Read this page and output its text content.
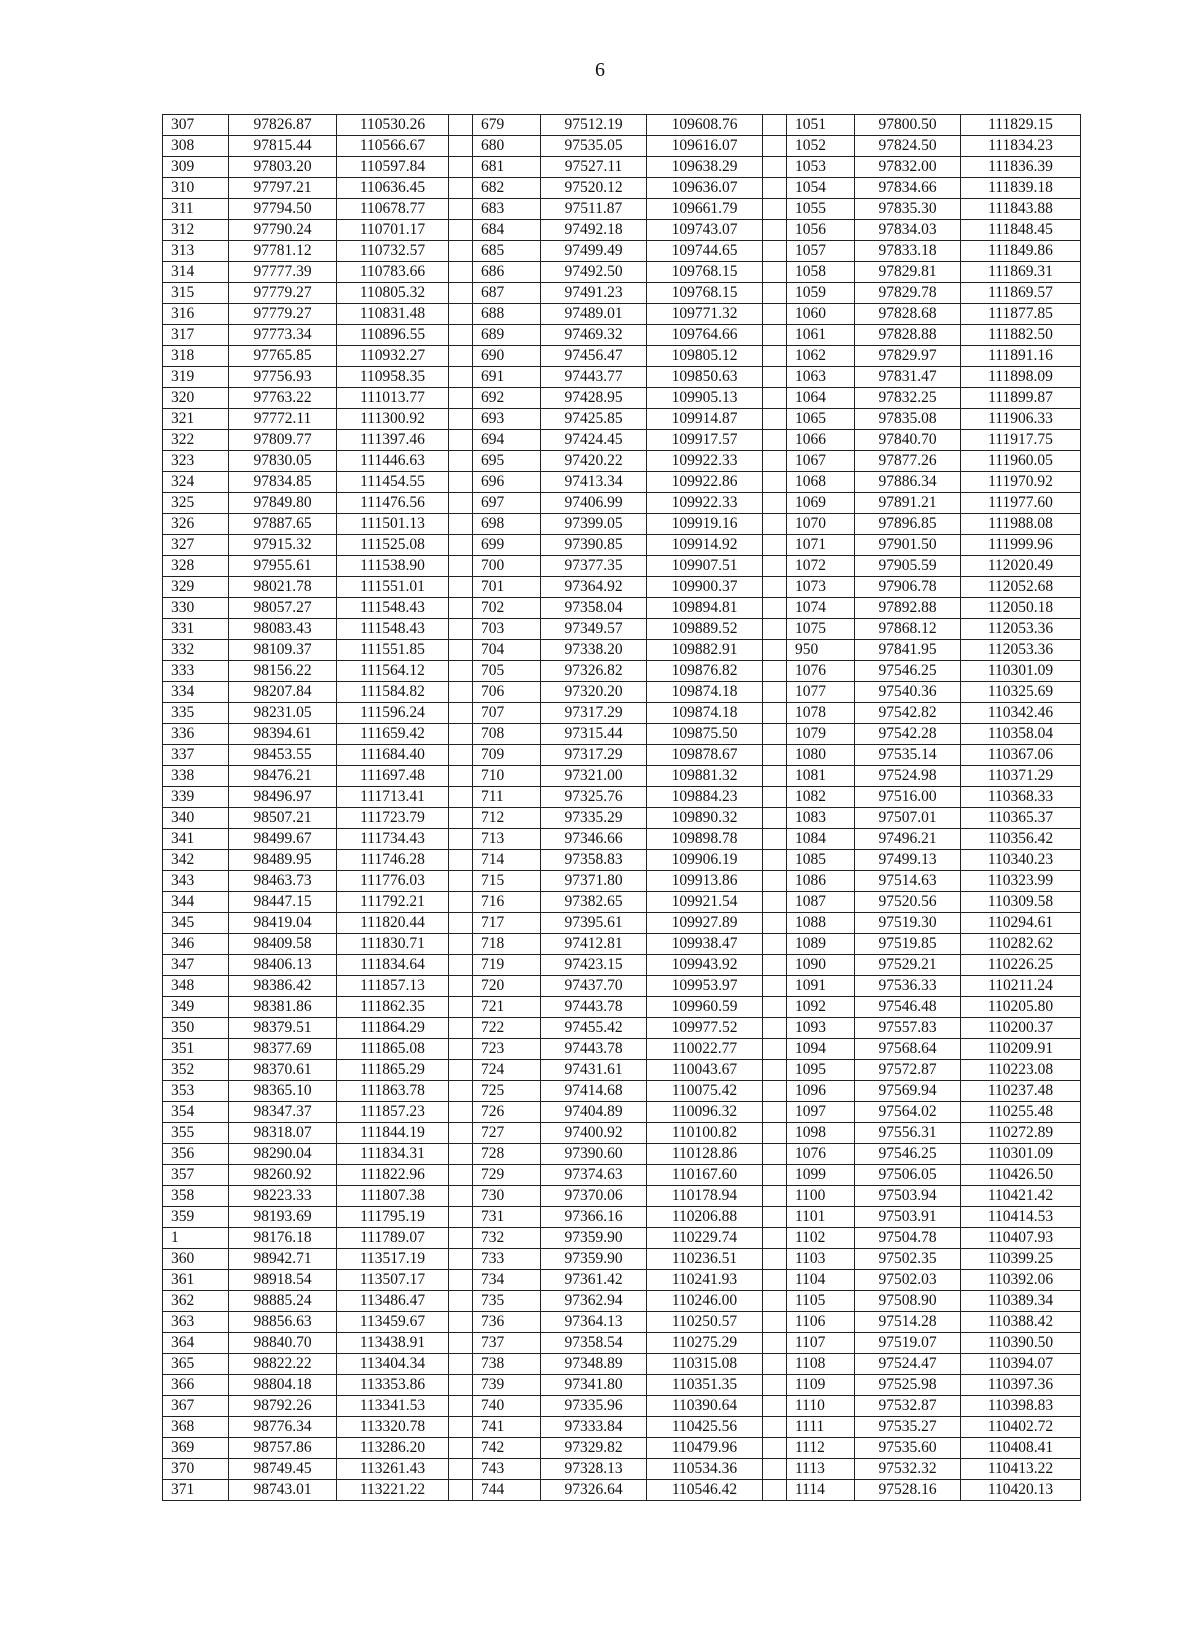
6
307	97826.87	110530.26		679	97512.19	109608.76		1051	97800.50	111829.15
308	97815.44	110566.67		680	97535.05	109616.07		1052	97824.50	111834.23
309	97803.20	110597.84		681	97527.11	109638.29		1053	97832.00	111836.39
310	97797.21	110636.45		682	97520.12	109636.07		1054	97834.66	111839.18
311	97794.50	110678.77		683	97511.87	109661.79		1055	97835.30	111843.88
312	97790.24	110701.17		684	97492.18	109743.07		1056	97834.03	111848.45
313	97781.12	110732.57		685	97499.49	109744.65		1057	97833.18	111849.86
314	97777.39	110783.66		686	97492.50	109768.15		1058	97829.81	111869.31
315	97779.27	110805.32		687	97491.23	109768.15		1059	97829.78	111869.57
316	97779.27	110831.48		688	97489.01	109771.32		1060	97828.68	111877.85
317	97773.34	110896.55		689	97469.32	109764.66		1061	97828.88	111882.50
318	97765.85	110932.27		690	97456.47	109805.12		1062	97829.97	111891.16
319	97756.93	110958.35		691	97443.77	109850.63		1063	97831.47	111898.09
320	97763.22	111013.77		692	97428.95	109905.13		1064	97832.25	111899.87
321	97772.11	111300.92		693	97425.85	109914.87		1065	97835.08	111906.33
322	97809.77	111397.46		694	97424.45	109917.57		1066	97840.70	111917.75
323	97830.05	111446.63		695	97420.22	109922.33		1067	97877.26	111960.05
324	97834.85	111454.55		696	97413.34	109922.86		1068	97886.34	111970.92
325	97849.80	111476.56		697	97406.99	109922.33		1069	97891.21	111977.60
326	97887.65	111501.13		698	97399.05	109919.16		1070	97896.85	111988.08
327	97915.32	111525.08		699	97390.85	109914.92		1071	97901.50	111999.96
328	97955.61	111538.90		700	97377.35	109907.51		1072	97905.59	112020.49
329	98021.78	111551.01		701	97364.92	109900.37		1073	97906.78	112052.68
330	98057.27	111548.43		702	97358.04	109894.81		1074	97892.88	112050.18
331	98083.43	111548.43		703	97349.57	109889.52		1075	97868.12	112053.36
332	98109.37	111551.85		704	97338.20	109882.91		950	97841.95	112053.36
333	98156.22	111564.12		705	97326.82	109876.82		1076	97546.25	110301.09
334	98207.84	111584.82		706	97320.20	109874.18		1077	97540.36	110325.69
335	98231.05	111596.24		707	97317.29	109874.18		1078	97542.82	110342.46
336	98394.61	111659.42		708	97315.44	109875.50		1079	97542.28	110358.04
337	98453.55	111684.40		709	97317.29	109878.67		1080	97535.14	110367.06
338	98476.21	111697.48		710	97321.00	109881.32		1081	97524.98	110371.29
339	98496.97	111713.41		711	97325.76	109884.23		1082	97516.00	110368.33
340	98507.21	111723.79		712	97335.29	109890.32		1083	97507.01	110365.37
341	98499.67	111734.43		713	97346.66	109898.78		1084	97496.21	110356.42
342	98489.95	111746.28		714	97358.83	109906.19		1085	97499.13	110340.23
343	98463.73	111776.03		715	97371.80	109913.86		1086	97514.63	110323.99
344	98447.15	111792.21		716	97382.65	109921.54		1087	97520.56	110309.58
345	98419.04	111820.44		717	97395.61	109927.89		1088	97519.30	110294.61
346	98409.58	111830.71		718	97412.81	109938.47		1089	97519.85	110282.62
347	98406.13	111834.64		719	97423.15	109943.92		1090	97529.21	110226.25
348	98386.42	111857.13		720	97437.70	109953.97		1091	97536.33	110211.24
349	98381.86	111862.35		721	97443.78	109960.59		1092	97546.48	110205.80
350	98379.51	111864.29		722	97455.42	109977.52		1093	97557.83	110200.37
351	98377.69	111865.08		723	97443.78	110022.77		1094	97568.64	110209.91
352	98370.61	111865.29		724	97431.61	110043.67		1095	97572.87	110223.08
353	98365.10	111863.78		725	97414.68	110075.42		1096	97569.94	110237.48
354	98347.37	111857.23		726	97404.89	110096.32		1097	97564.02	110255.48
355	98318.07	111844.19		727	97400.92	110100.82		1098	97556.31	110272.89
356	98290.04	111834.31		728	97390.60	110128.86		1076	97546.25	110301.09
357	98260.92	111822.96		729	97374.63	110167.60		1099	97506.05	110426.50
358	98223.33	111807.38		730	97370.06	110178.94		1100	97503.94	110421.42
359	98193.69	111795.19		731	97366.16	110206.88		1101	97503.91	110414.53
1	98176.18	111789.07		732	97359.90	110229.74		1102	97504.78	110407.93
360	98942.71	113517.19		733	97359.90	110236.51		1103	97502.35	110399.25
361	98918.54	113507.17		734	97361.42	110241.93		1104	97502.03	110392.06
362	98885.24	113486.47		735	97362.94	110246.00		1105	97508.90	110389.34
363	98856.63	113459.67		736	97364.13	110250.57		1106	97514.28	110388.42
364	98840.70	113438.91		737	97358.54	110275.29		1107	97519.07	110390.50
365	98822.22	113404.34		738	97348.89	110315.08		1108	97524.47	110394.07
366	98804.18	113353.86		739	97341.80	110351.35		1109	97525.98	110397.36
367	98792.26	113341.53		740	97335.96	110390.64		1110	97532.87	110398.83
368	98776.34	113320.78		741	97333.84	110425.56		1111	97535.27	110402.72
369	98757.86	113286.20		742	97329.82	110479.96		1112	97535.60	110408.41
370	98749.45	113261.43		743	97328.13	110534.36		1113	97532.32	110413.22
371	98743.01	113221.22		744	97326.64	110546.42		1114	97528.16	110420.13
